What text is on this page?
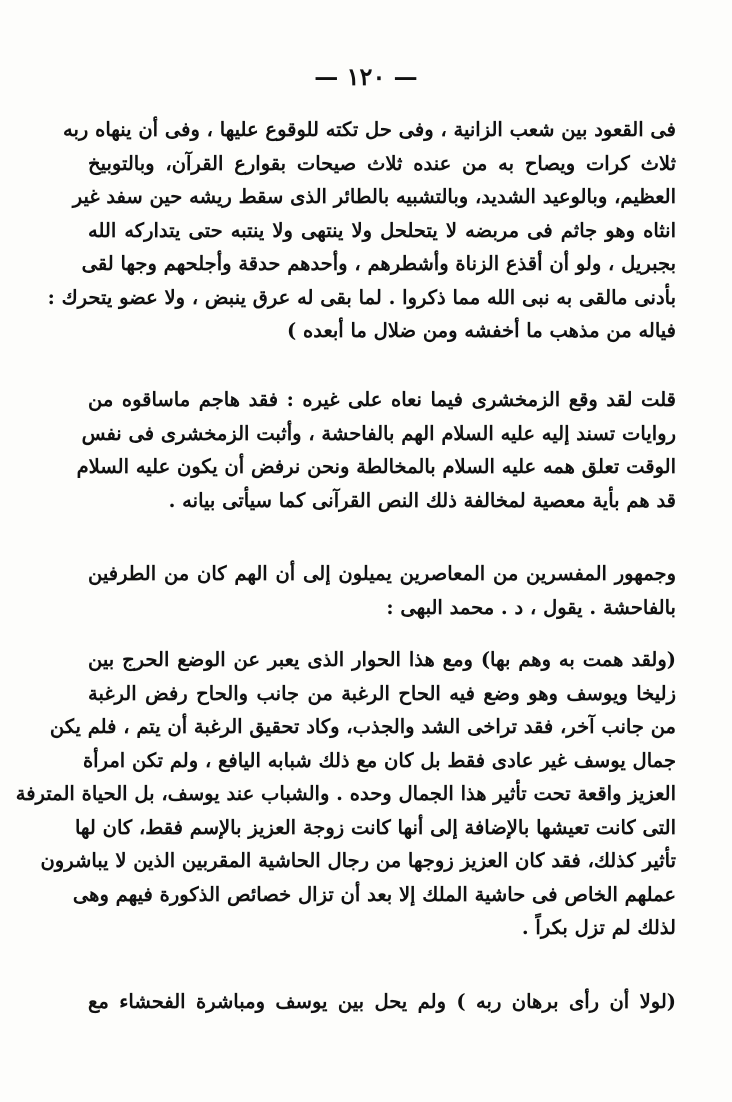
— ١٢٠ —
فى القعود بين شعب الزانية ، وفى حل تكته للوقوع عليها ، وفى أن ينهاه ربه
ثلاث كرات ويصاح به من عنده ثلاث صيحات بقوارع القرآن، وبالتوبيخ
العظيم، وبالوعيد الشديد، وبالتشبيه بالطائر الذى سقط ريشه حين سفد غير
انثاه وهو جاثم فى مربضه لا يتحلحل ولا ينتهى ولا ينتبه حتى يتداركه الله
بجبريل ، ولو أن أقذع الزناة وأشطرهم ، وأحدهم حدقة وأجلحهم وجها لقى
بأدنى مالقى به نبى الله مما ذكروا . لما بقى له عرق ينبض ، ولا عضو يتحرك :
فياله من مذهب ما أخفشه ومن ضلال ما أبعده )
قلت لقد وقع الزمخشرى فيما نعاه على غيره : فقد هاجم ماساقوه من
روايات تسند إليه عليه السلام الهم بالفاحشة ، وأثبت الزمخشرى فى نفس
الوقت تعلق همه عليه السلام بالمخالطة ونحن نرفض أن يكون عليه السلام
قد هم بأية معصية لمخالفة ذلك النص القرآنى كما سيأتى بيانه .
وجمهور المفسرين من المعاصرين يميلون إلى أن الهم كان من الطرفين
بالفاحشة . يقول ، د . محمد البهى :
(ولقد همت به وهم بها) ومع هذا الحوار الذى يعبر عن الوضع الحرج بين
زليخا ويوسف وهو وضع فيه الحاح الرغبة من جانب والحاح رفض الرغبة
من جانب آخر، فقد تراخى الشد والجذب، وكاد تحقيق الرغبة أن يتم ، فلم يكن
جمال يوسف غير عادى فقط بل كان مع ذلك شبابه اليافع ، ولم تكن امرأة
العزيز واقعة تحت تأثير هذا الجمال وحده . والشباب عند يوسف، بل الحياة المترفة
التى كانت تعيشها بالإضافة إلى أنها كانت زوجة العزيز بالإسم فقط، كان لها
تأثير كذلك، فقد كان العزيز زوجها من رجال الحاشية المقربين الذين لا يباشرون
عملهم الخاص فى حاشية الملك إلا بعد أن تزال خصائص الذكورة فيهم وهى
لذلك لم تزل بكراً .
(لولا أن رأى برهان ربه ) ولم يحل بين يوسف ومباشرة الفحشاء مع
